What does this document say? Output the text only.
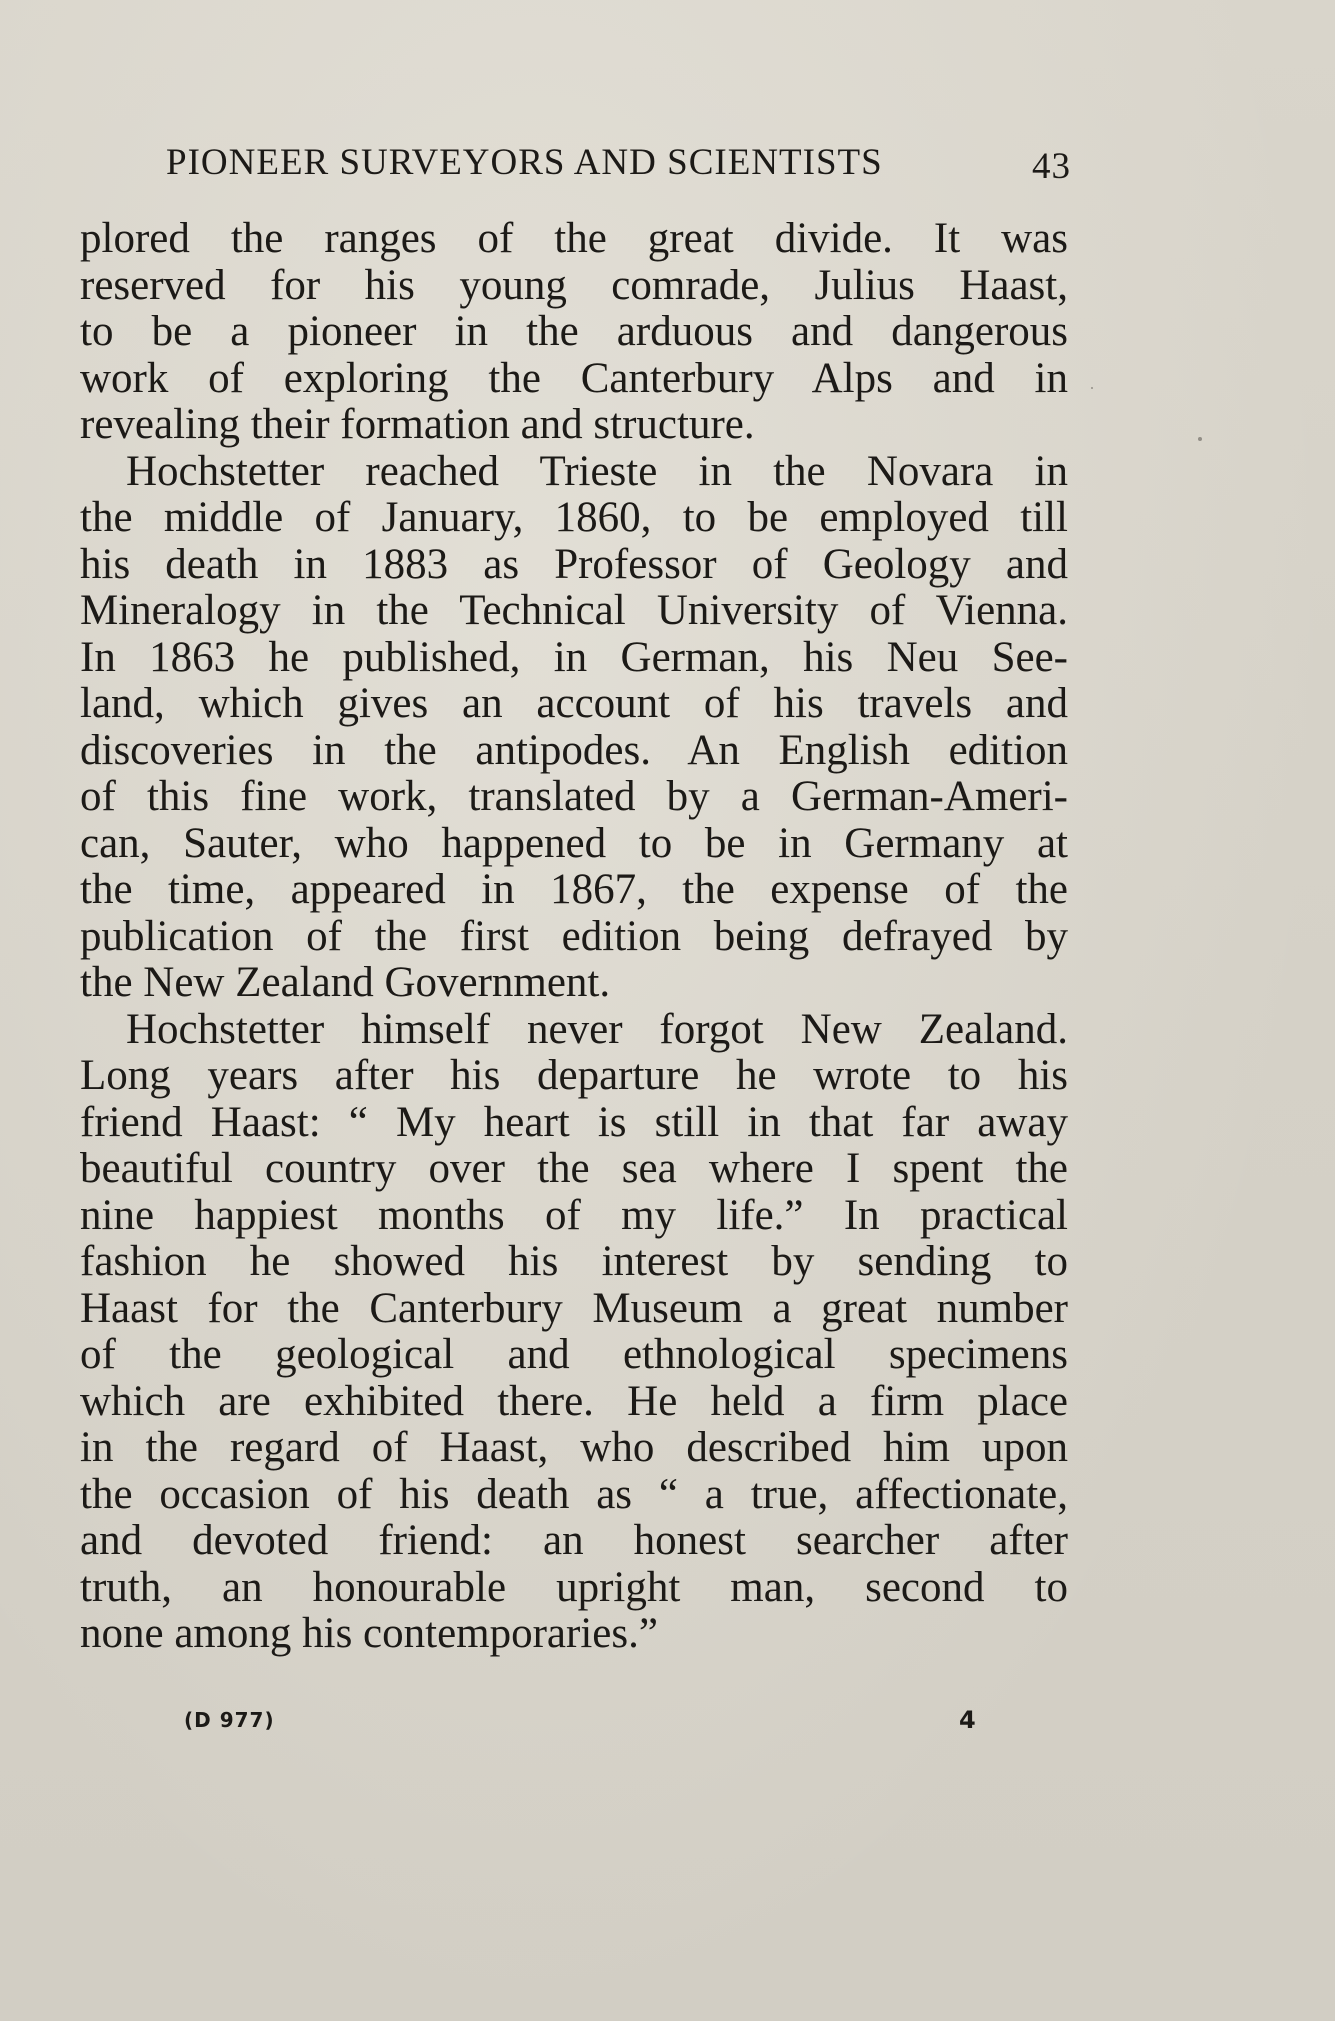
PIONEER SURVEYORS AND SCIENTISTS	43
plored the ranges of the great divide. It was
reserved for his young comrade, Julius Haast,
to be a pioneer in the arduous and dangerous
work of exploring the Canterbury Alps and in
revealing their formation and structure.
Hochstetter reached Trieste in the Novara in
the middle of January, 1860, to be employed till
his death in 1883 as Professor of Geology and
Mineralogy in the Technical University of Vienna.
In 1863 he published, in German, his Neu See-
land, which gives an account of his travels and
discoveries in the antipodes. An English edition
of this fine work, translated by a German-Ameri-
can, Sauter, who happened to be in Germany at
the time, appeared in 1867, the expense of the
publication of the first edition being defrayed by
the New Zealand Government.
Hochstetter himself never forgot New Zealand.
Long years after his departure he wrote to his
friend Haast: “ My heart is still in that far away
beautiful country over the sea where I spent the
nine happiest months of my life.” In practical
fashion he showed his interest by sending to
Haast for the Canterbury Museum a great number
of the geological and ethnological specimens
which are exhibited there. He held a firm place
in the regard of Haast, who described him upon
the occasion of his death as “ a true, affectionate,
and devoted friend: an honest searcher after
truth, an honourable upright man, second to
none among his contemporaries.”
(D 977)	4
